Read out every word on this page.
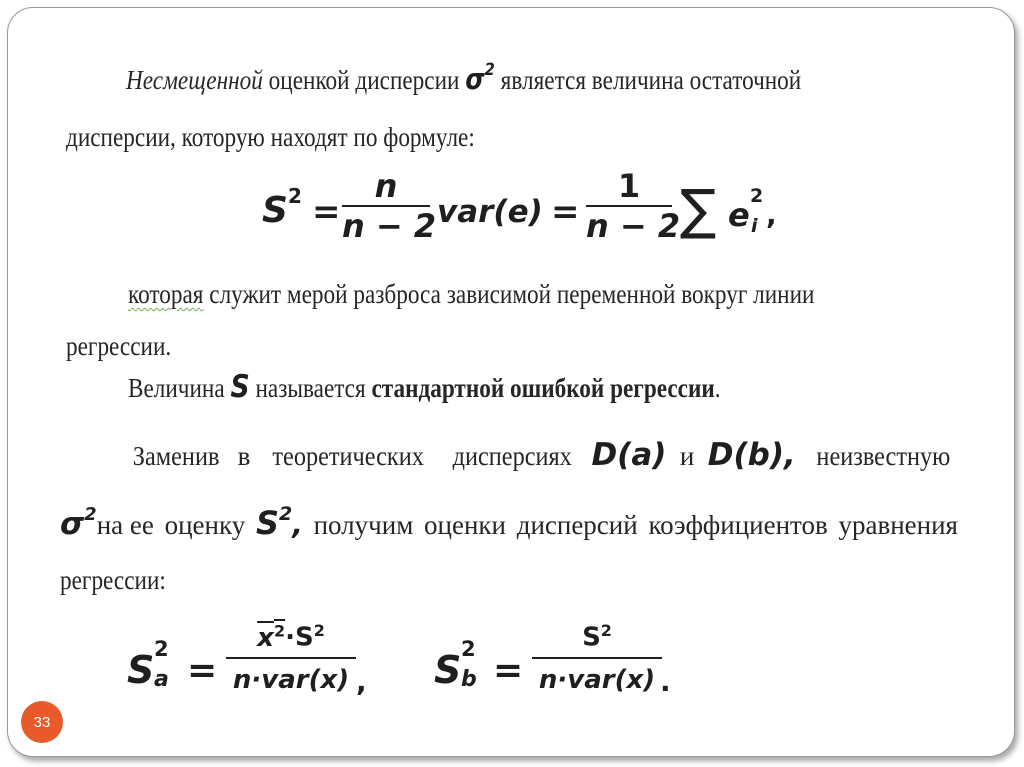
Несмещенной оценкой дисперсии $\sigma^2$ является величина остаточной
дисперсии, которую находят по формуле:
$S^2$ =
n
n − 2 var(e) =
1
n − 2 ∑ e 2
i ,
которая служит мерой разброса зависимой переменной вокруг линии
регрессии.
Величина S называется стандартной ошибкой регрессии.
Заменив в теоретических дисперсиях D(a) и D(b), неизвестную
$\sigma^2на$ ее оценку $S^2$, получим оценки дисперсий коэффициентов уравнения
регрессии:
S 2
a =
$x^2\cdot S^2$
n·var(x) , S 2
b =
$S^2$
n·var(x) .
33
